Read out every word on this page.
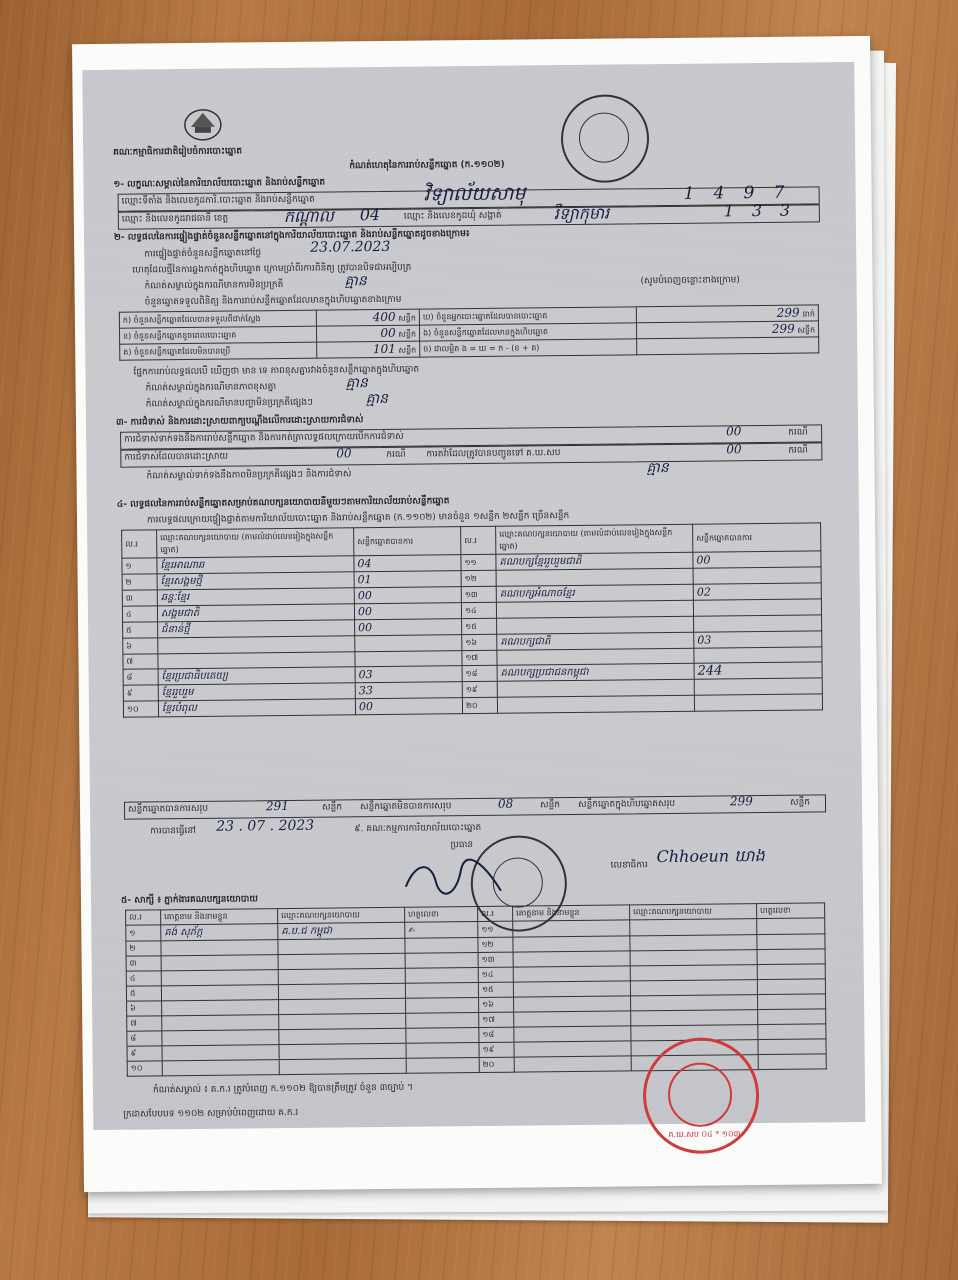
គណៈកម្មាធិការជាតិរៀបចំការបោះឆ្នោត
កំណត់ហេតុនៃការរាប់សន្លឹកឆ្នោត (ក.១១០២)
១- លក្ខណៈសម្គាល់នៃការិយាល័យបោះឆ្នោត និងរាប់សន្លឹកឆ្នោត
ឈ្មោះទីតាំង និងលេខកូដការិ.បោះឆ្នោត និងរាប់សន្លឹកឆ្នោត	វិទ្យាល័យសាមុ	1	4	9	7
ឈ្មោះ និងលេខកូដរាជធានី ខេត្ត	កណ្ដាល 04	ឈ្មោះ និងលេខកូដឃុំ សង្កាត់	រឺទ្យាកុមារ	1	3	3
២- លទ្ធផលនៃការផ្ទៀងផ្ទាត់ចំនួនសន្លឹកឆ្នោតនៅក្នុងការិយាល័យបោះឆ្នោត និងរាប់សន្លឹកឆ្នោតដូចខាងក្រោម៖
ការផ្ទៀងផ្ទាត់ចំនួនសន្លឹកឆ្នោតនៅថ្ងៃ	23.07.2023
ហេតុដែលថ្មីនៃការឆ្លងកាត់ក្នុងហិបឆ្នោត ក្រោមប្រាំពីរការពិនិត្យ ត្រូវបានបិទជាអម្បិបត្រ
កំណត់សម្គាល់ក្នុងករណីមានការមិនប្រក្រតី	គ្មាន	(សូមបំពេញចន្លោះខាងក្រោម)
ចំនួនឆ្នោតទទួលពិនិត្យ និងការរាប់សន្លឹកឆ្នោតដែលមានក្នុងហិបឆ្នោតខាងក្រោម
ក) ចំនួនសន្លឹកឆ្នោតដែលបានទទួលពីជាក់ស្ដែង	400 សន្លឹក	ឃ) ចំនួនអ្នកបោះឆ្នោតដែលបានបោះឆ្នោត	299 នាក់
ខ) ចំនួនសន្លឹកឆ្នោតខូចពេលបោះឆ្នោត	00 សន្លឹក	ង) ចំនួនសន្លឹកឆ្នោតដែលមានក្នុងហិបឆ្នោត	299 សន្លឹក
គ) ចំនួនសន្លឹកឆ្នោតដែលមិនបានប្រើ	101 សន្លឹក	ច) ជាលម្អិត ង = ឃ = ក - (ខ + គ)	
ផ្នែកការរាប់លទ្ធផលបើ ឃើញថា មាន ទេ ភាពខុសគ្នារវាងចំនួនសន្លឹកឆ្នោតក្នុងហិបឆ្នោត
កំណត់សម្គាល់ក្នុងករណីមានភាពខុសគ្នា	គ្មាន
កំណត់សម្គាល់ក្នុងករណីមានបញ្ហាមិនប្រក្រតីផ្សេងៗ	គ្មាន
៣- ការជំទាស់ និងការដោះស្រាយពាក្យបណ្ដឹងលើការដោះស្រាយការជំទាស់
ការជំទាស់ទាក់ទងនឹងការរាប់សន្លឹកឆ្នោត និងការកត់ត្រាលទ្ធផលក្រោយបើកការជំទាស់	00	ករណី
ការជំទាស់ដែលបានដោះស្រាយ	00	ករណី ការតវ៉ាដែលត្រូវបានបញ្ជូនទៅ គ.ឃ.សប	00	ករណី
កំណត់សម្គាល់ទាក់ទងនឹងភាពមិនប្រក្រតីផ្សេងៗ និងការជំទាស់	គ្មាន
៤- លទ្ធផលនៃការរាប់សន្លឹកឆ្នោតសម្រាប់គណបក្សនយោបាយនីមួយៗតាមការិយាល័យរាប់សន្លឹកឆ្នោត
ការលទ្ធផលក្រោយផ្ទៀងផ្ទាត់តាមការិយាល័យបោះឆ្នោត និងរាប់សន្លឹកឆ្នោត (ក.១១០២) មានចំនួន ១សន្លឹក ២សន្លឹក ច្រើនសន្លឹក
ល.រ	ឈ្មោះគណបក្សនយោបាយ (តាមលំដាប់លេខរៀងក្នុងសន្លឹកឆ្នោត)	សន្លឹកឆ្នោតបានការ	ល.រ	ឈ្មោះគណបក្សនយោបាយ (តាមលំដាប់លេខរៀងក្នុងសន្លឹកឆ្នោត)	សន្លឹកឆ្នោតបានការ
១	ខ្មែរអាណាឆ	04	១១	គណបក្សខ្មែររួបរួមជាតិ	00
២	ខ្មែរសង្គមថ្មី	01	១២		
៣	ឆន្ទៈខ្មែរ	00	១៣	គណបក្សអំណាចខ្មែរ	02
៤	សង្គមជាតិ	00	១៤		
៥	ជំនាន់ថ្មី	00	១៥		
៦			១៦	គណបក្សជាតិ	03
៧			១៧		
៨	ខ្មែរប្រជាធិបតេយ្យ	03	១៨	គណបក្សប្រជាជនកម្ពុជា	244
៩	ខ្មែររួបរួម	33	១៩		
១០	ខ្មែរបំពុល	00	២០		
សន្លឹកឆ្នោតបានការសរុប	291	សន្លឹក សន្លឹកឆ្នោតមិនបានការសរុប	08	សន្លឹក សន្លឹកឆ្នោតក្នុងហិបឆ្នោតសរុប	299	សន្លឹក
ការបានធ្វើនៅ 23 . 07 . 2023	៩. គណៈកម្មការការិយាល័យបោះឆ្នោត
ប្រធាន
លេខាធិការ Chhoeun ឃាង
៥- សាក្សី ៖ ភ្នាក់ងារគណបក្សនយោបាយ
ល.រ	គោត្តនាម និងនាមខ្លួន	ឈ្មោះគណបក្សនយោបាយ	ហត្ថលេខា	ល.រ	គោត្តនាម និងនាមខ្លួន	ឈ្មោះគណបក្សនយោបាយ	ហត្ថលេខា
១	គង់ សុភ័ក្ត	គ.ប.ជ កម្ពុជា	✍	១១			
២				១២			
៣				១៣			
៤				១៤			
៥				១៥			
៦				១៦			
៧				១៧			
៨				១៨			
៩				១៩			
១០				២០			
កំណត់សម្គាល់ ៖ គ.ក.រ ត្រូវបំពេញ ក.១១០២ ឱ្យបានត្រឹមត្រូវ ចំនួន ៣ច្បាប់ ។
ក្រដាសបែបបទ ១១០២ សម្រាប់បំពេញដោយ គ.ក.រ
គ.ឃ.សប ០៤ * ១០៣
